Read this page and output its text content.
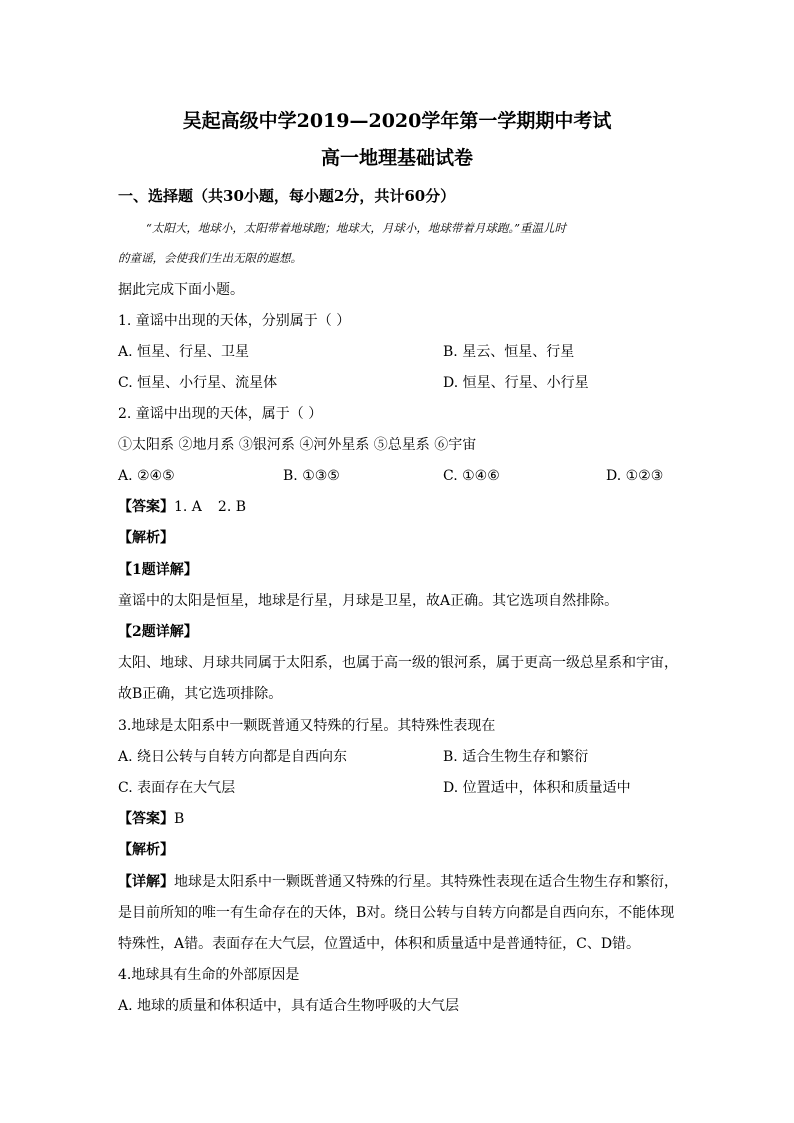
吴起高级中学2019—2020学年第一学期期中考试
高一地理基础试卷
一、选择题（共30小题，每小题2分，共计60分）
“太阳大，地球小，太阳带着地球跑；地球大，月球小，地球带着月球跑。”重温儿时
的童谣，会使我们生出无限的遐想。
据此完成下面小题。
1. 童谣中出现的天体，分别属于（ ）
A. 恒星、行星、卫星	B. 星云、恒星、行星
C. 恒星、小行星、流星体	D. 恒星、行星、小行星
2. 童谣中出现的天体，属于（ ）
①太阳系 ②地月系 ③银河系 ④河外星系 ⑤总星系 ⑥宇宙
A. ②④⑤	B. ①③⑤	C. ①④⑥	D. ①②③
【答案】1. A 2. B
【解析】
【1题详解】
童谣中的太阳是恒星，地球是行星，月球是卫星，故A正确。其它选项自然排除。
【2题详解】
太阳、地球、月球共同属于太阳系，也属于高一级的银河系，属于更高一级总星系和宇宙，
故B正确，其它选项排除。
3.地球是太阳系中一颗既普通又特殊的行星。其特殊性表现在
A. 绕日公转与自转方向都是自西向东	B. 适合生物生存和繁衍
C. 表面存在大气层	D. 位置适中，体积和质量适中
【答案】B
【解析】
【详解】地球是太阳系中一颗既普通又特殊的行星。其特殊性表现在适合生物生存和繁衍，
是目前所知的唯一有生命存在的天体，B对。绕日公转与自转方向都是自西向东，不能体现
特殊性，A错。表面存在大气层，位置适中，体积和质量适中是普通特征，C、D错。
4.地球具有生命的外部原因是
A. 地球的质量和体积适中，具有适合生物呼吸的大气层
